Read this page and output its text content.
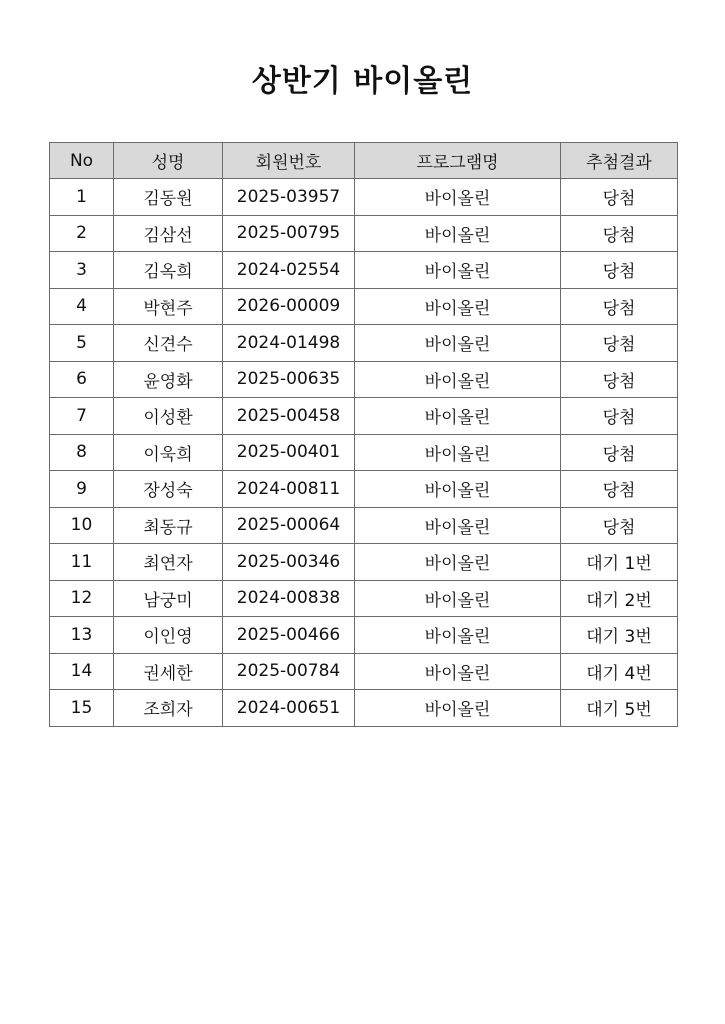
상반기 바이올린
No	성명	회원번호	프로그램명	추첨결과
1	김동원	2025-03957	바이올린	당첨
2	김삼선	2025-00795	바이올린	당첨
3	김옥희	2024-02554	바이올린	당첨
4	박현주	2026-00009	바이올린	당첨
5	신견수	2024-01498	바이올린	당첨
6	윤영화	2025-00635	바이올린	당첨
7	이성환	2025-00458	바이올린	당첨
8	이욱희	2025-00401	바이올린	당첨
9	장성숙	2024-00811	바이올린	당첨
10	최동규	2025-00064	바이올린	당첨
11	최연자	2025-00346	바이올린	대기 1번
12	남궁미	2024-00838	바이올린	대기 2번
13	이인영	2025-00466	바이올린	대기 3번
14	권세한	2025-00784	바이올린	대기 4번
15	조희자	2024-00651	바이올린	대기 5번
